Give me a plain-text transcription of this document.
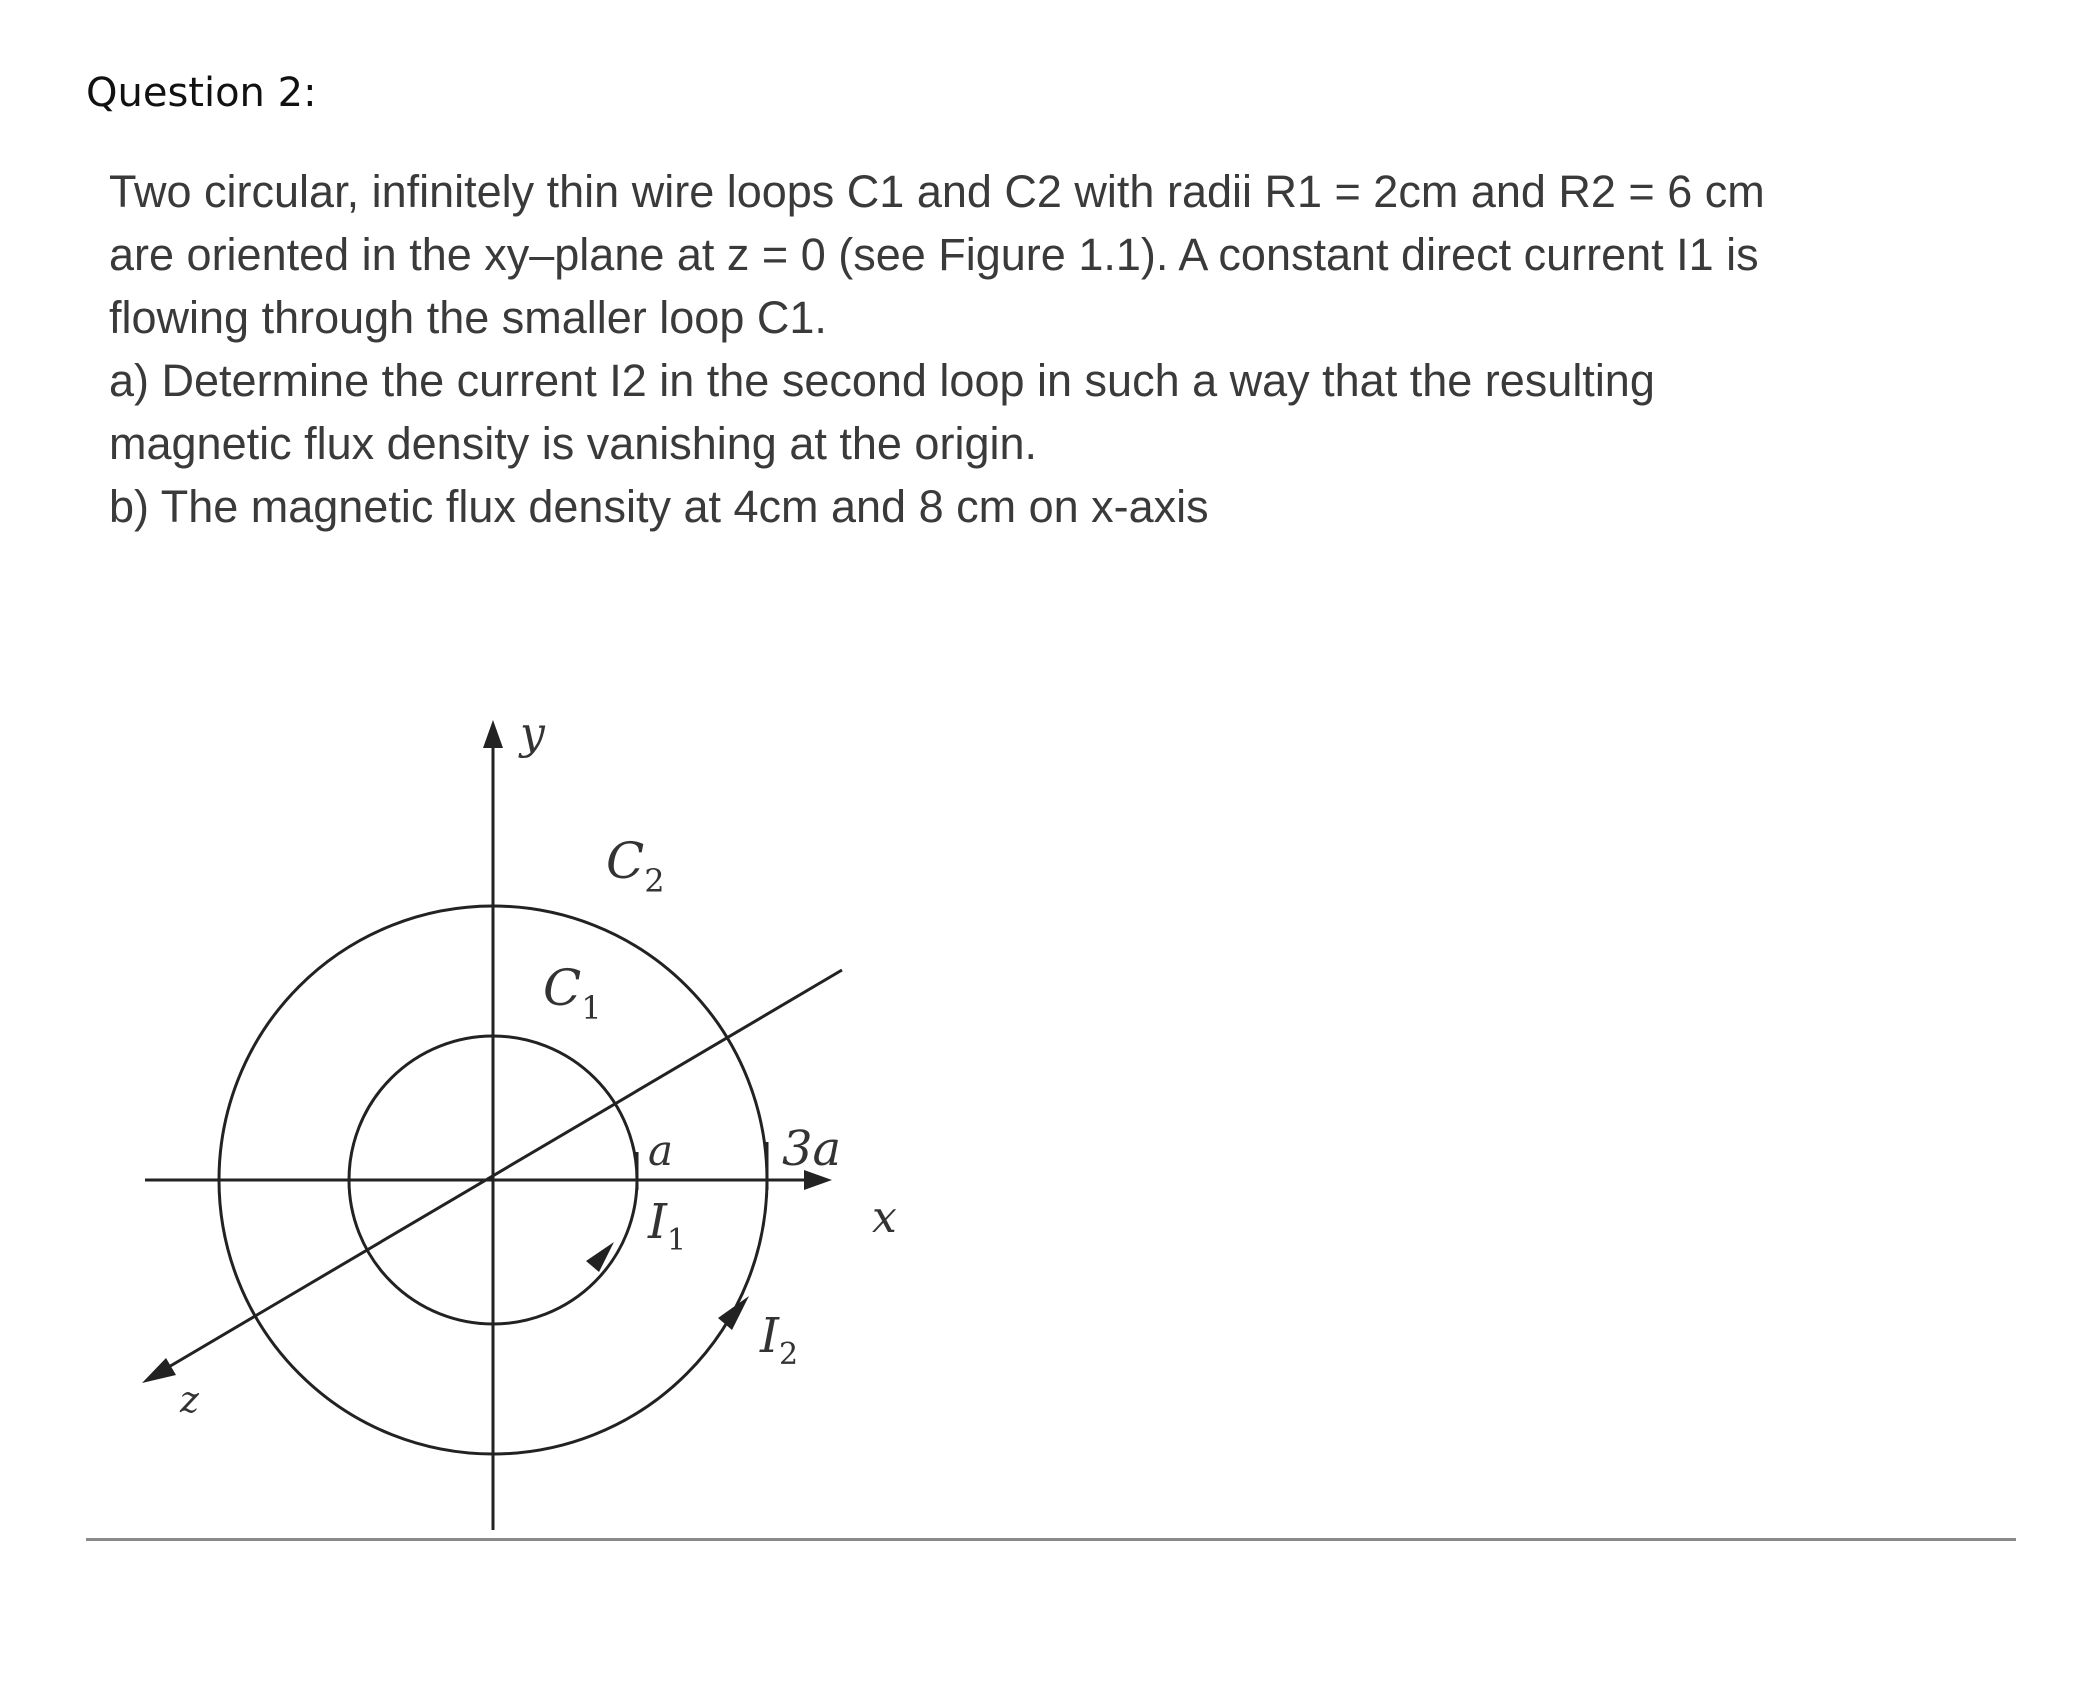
Question 2:
Two circular, infinitely thin wire loops C1 and C2 with radii R1 = 2cm and R2 = 6 cm
are oriented in the xy–plane at z = 0 (see Figure 1.1). A constant direct current I1 is
flowing through the smaller loop C1.
a) Determine the current I2 in the second loop in such a way that the resulting
magnetic flux density is vanishing at the origin.
b) The magnetic flux density at 4cm and 8 cm on x-axis
y
x
z
$C_2$
$C_1$
a 3a
$I_1$
$I_2$
